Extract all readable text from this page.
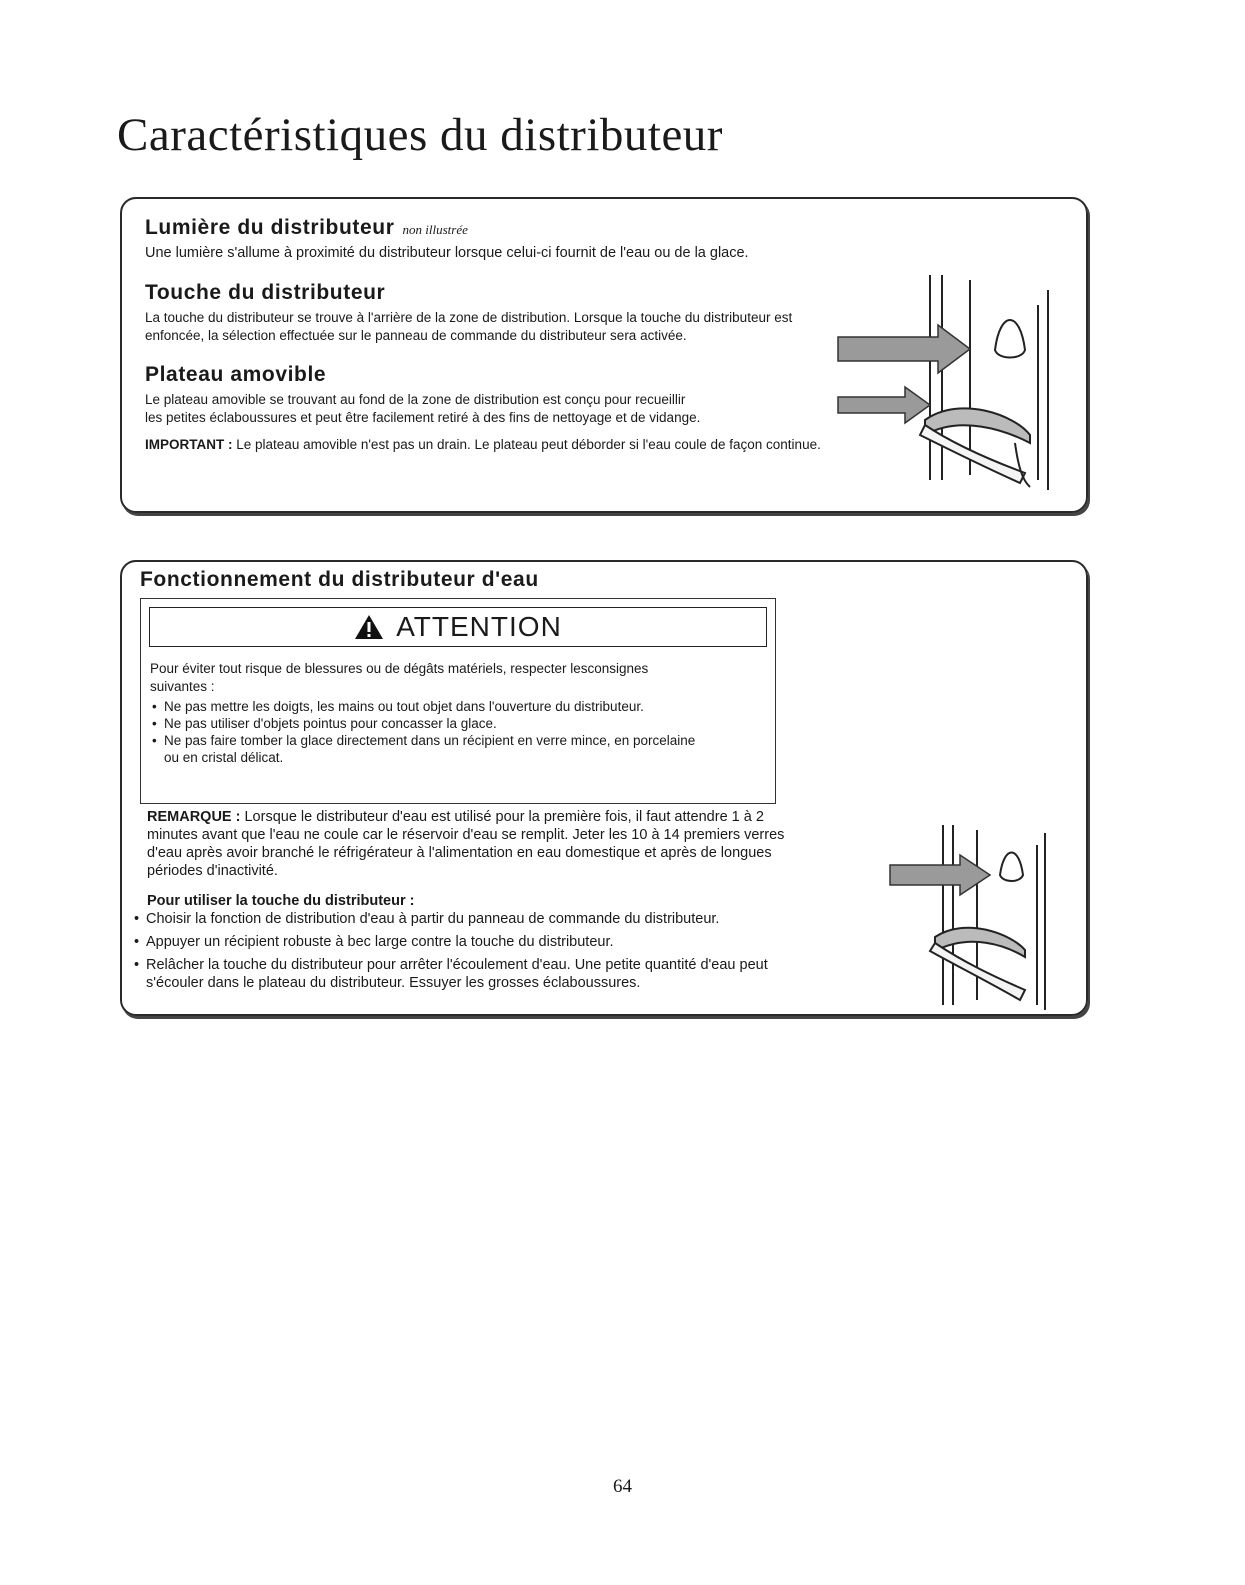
Caractéristiques du distributeur
Lumière du distributeur non illustrée

Une lumière s'allume à proximité du distributeur lorsque celui-ci fournit de l'eau ou de la glace.

Touche du distributeur

La touche du distributeur se trouve à l'arrière de la zone de distribution. Lorsque la touche du distributeur est

enfoncée, la sélection effectuée sur le panneau de commande du distributeur sera activée.

Plateau amovible

Le plateau amovible se trouvant au fond de la zone de distribution est conçu pour recueillir

les petites éclaboussures et peut être facilement retiré à des fins de nettoyage et de vidange.

IMPORTANT : Le plateau amovible n'est pas un drain. Le plateau peut déborder si l'eau coule de façon continue.

Fonctionnement du distributeur d'eau
ATTENTION

Pour éviter tout risque de blessures ou de dégâts matériels, respecter lesconsignes

suivantes :

• Ne pas mettre les doigts, les mains ou tout objet dans l'ouverture du distributeur.
• Ne pas utiliser d'objets pointus pour concasser la glace.
• Ne pas faire tomber la glace directement dans un récipient en verre mince, en porcelaine

ou en cristal délicat.

REMARQUE : Lorsque le distributeur d'eau est utilisé pour la première fois, il faut attendre 1 à 2

minutes avant que l'eau ne coule car le réservoir d'eau se remplit. Jeter les 10 à 14 premiers verres

d'eau après avoir branché le réfrigérateur à l'alimentation en eau domestique et après de longues

périodes d'inactivité.

Pour utiliser la touche du distributeur :

• Choisir la fonction de distribution d'eau à partir du panneau de commande du distributeur.
• Appuyer un récipient robuste à bec large contre la touche du distributeur.
• Relâcher la touche du distributeur pour arrêter l'écoulement d'eau. Une petite quantité d'eau peut
s'écouler dans le plateau du distributeur. Essuyer les grosses éclaboussures.
64
